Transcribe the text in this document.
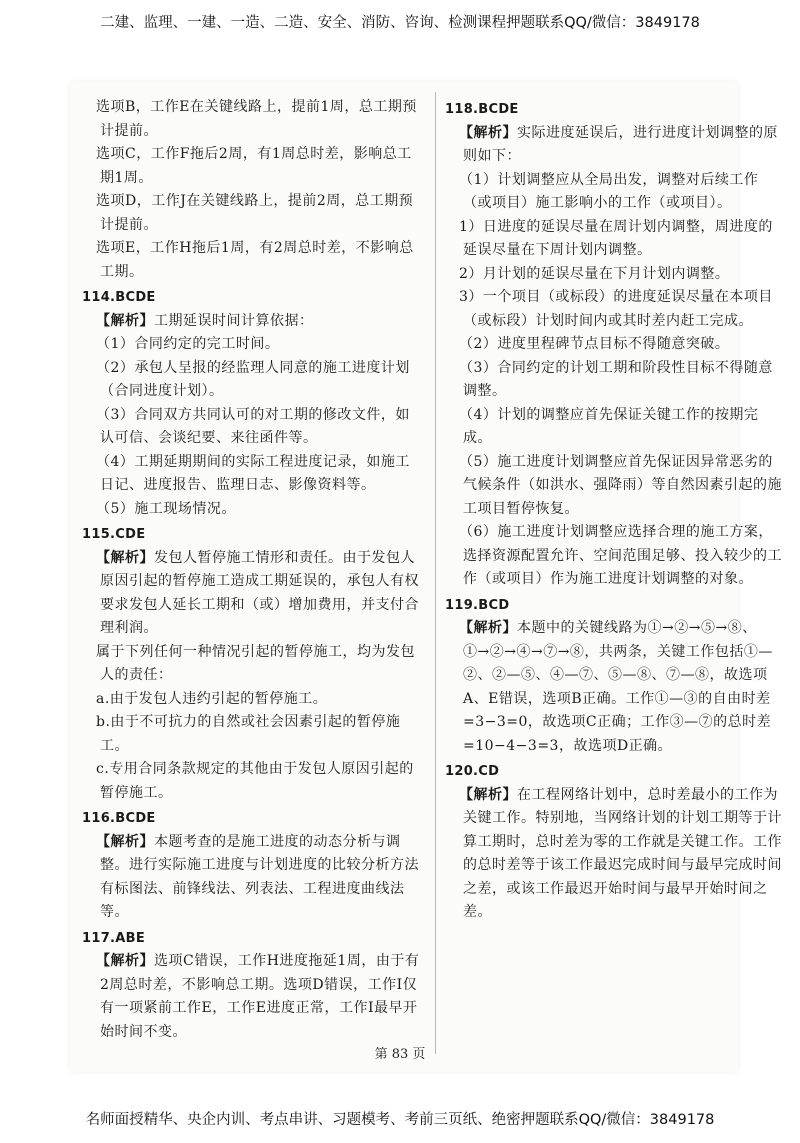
二建、监理、一建、一造、二造、安全、消防、咨询、检测课程押题联系QQ/微信：3849178

选项B，工作E在关键线路上，提前1周，总工期预计提前。

选项C，工作F拖后2周，有1周总时差，影响总工期1周。

选项D，工作J在关键线路上，提前2周，总工期预计提前。

选项E，工作H拖后1周，有2周总时差，不影响总工期。

114.BCDE

【解析】工期延误时间计算依据：

（1）合同约定的完工时间。

（2）承包人呈报的经监理人同意的施工进度计划（合同进度计划）。

（3）合同双方共同认可的对工期的修改文件，如认可信、会谈纪要、来往函件等。

（4）工期延期期间的实际工程进度记录，如施工日记、进度报告、监理日志、影像资料等。

（5）施工现场情况。

115.CDE

【解析】发包人暂停施工情形和责任。由于发包人原因引起的暂停施工造成工期延误的，承包人有权要求发包人延长工期和（或）增加费用，并支付合理利润。

属于下列任何一种情况引起的暂停施工，均为发包人的责任：

a.由于发包人违约引起的暂停施工。

b.由于不可抗力的自然或社会因素引起的暂停施工。

c.专用合同条款规定的其他由于发包人原因引起的暂停施工。

116.BCDE

【解析】本题考查的是施工进度的动态分析与调整。进行实际施工进度与计划进度的比较分析方法有标图法、前锋线法、列表法、工程进度曲线法等。

117.ABE

【解析】选项C错误，工作H进度拖延1周，由于有2周总时差，不影响总工期。选项D错误，工作I仅有一项紧前工作E，工作E进度正常，工作I最早开始时间不变。

118.BCDE

【解析】实际进度延误后，进行进度计划调整的原则如下：

（1）计划调整应从全局出发，调整对后续工作（或项目）施工影响小的工作（或项目）。

1）日进度的延误尽量在周计划内调整，周进度的延误尽量在下周计划内调整。

2）月计划的延误尽量在下月计划内调整。

3）一个项目（或标段）的进度延误尽量在本项目（或标段）计划时间内或其时差内赶工完成。

（2）进度里程碑节点目标不得随意突破。

（3）合同约定的计划工期和阶段性目标不得随意调整。

（4）计划的调整应首先保证关键工作的按期完成。

（5）施工进度计划调整应首先保证因异常恶劣的气候条件（如洪水、强降雨）等自然因素引起的施工项目暂停恢复。

（6）施工进度计划调整应选择合理的施工方案，选择资源配置允许、空间范围足够、投入较少的工作（或项目）作为施工进度计划调整的对象。

119.BCD

【解析】本题中的关键线路为①→②→⑤→⑧、①→②→④→⑦→⑧，共两条，关键工作包括①—②、②—⑤、④—⑦、⑤—⑧、⑦—⑧，故选项A、E错误，选项B正确。工作①—③的自由时差=3−3=0，故选项C正确；工作③—⑦的总时差=10−4−3=3，故选项D正确。

120.CD

【解析】在工程网络计划中，总时差最小的工作为关键工作。特别地，当网络计划的计划工期等于计算工期时，总时差为零的工作就是关键工作。工作的总时差等于该工作最迟完成时间与最早完成时间之差，或该工作最迟开始时间与最早开始时间之差。

第 83 页
名师面授精华、央企内训、考点串讲、习题模考、考前三页纸、绝密押题联系QQ/微信：3849178
